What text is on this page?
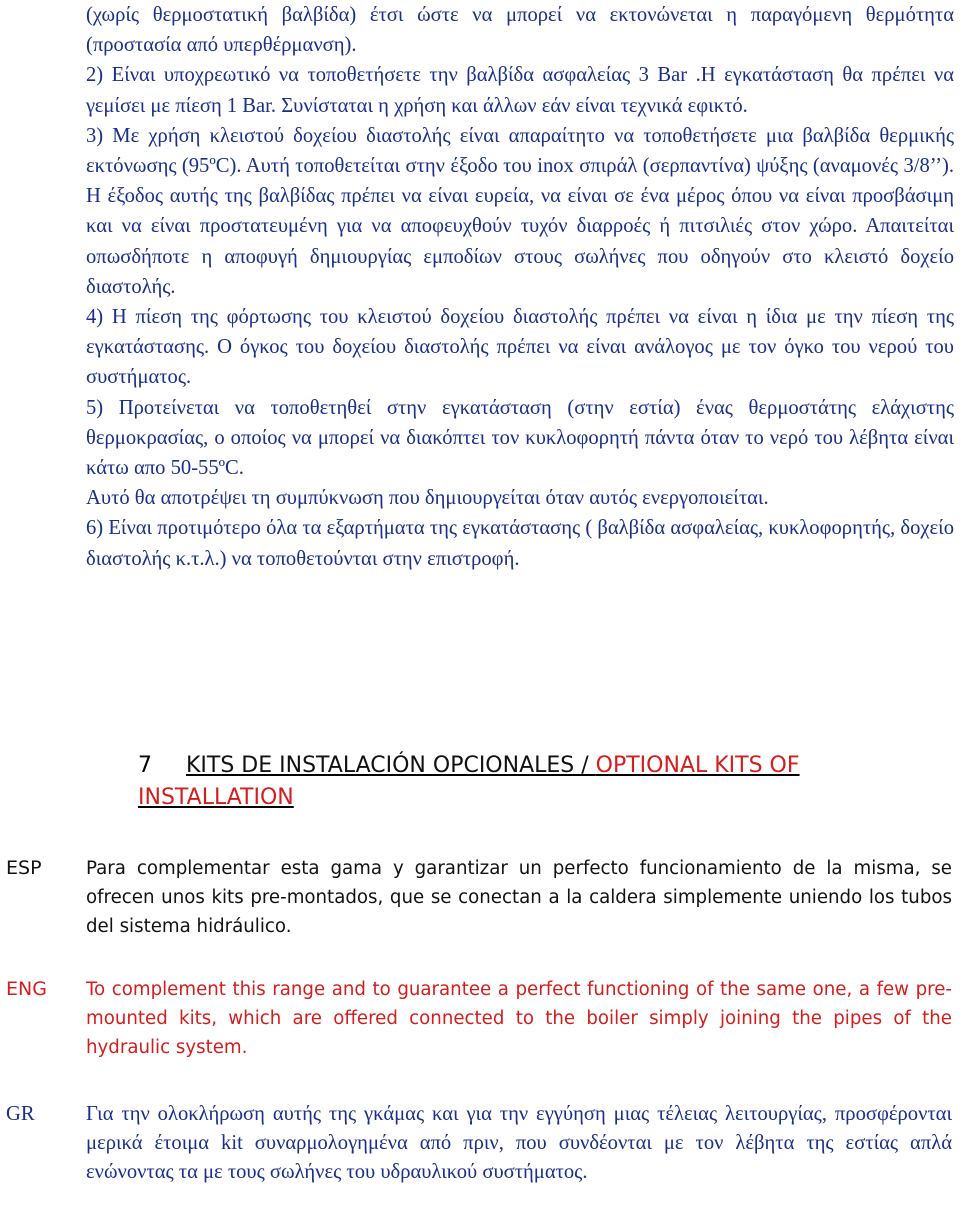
(χωρίς θερμοστατική βαλβίδα) έτσι ώστε να μπορεί να εκτονώνεται η παραγόμενη θερμότητα (προστασία από υπερθέρμανση).

2) Είναι υποχρεωτικό να τοποθετήσετε την βαλβίδα ασφαλείας 3 Bar .Η εγκατάσταση θα πρέπει να γεμίσει με πίεση 1 Bar. Συνίσταται η χρήση και άλλων εάν είναι τεχνικά εφικτό.

3) Με χρήση κλειστού δοχείου διαστολής είναι απαραίτητο να τοποθετήσετε μια βαλβίδα θερμικής εκτόνωσης (95ºC). Αυτή τοποθετείται στην έξοδο του inox σπιράλ (σερπαντίνα) ψύξης (αναμονές 3/8’’). Η έξοδος αυτής της βαλβίδας πρέπει να είναι ευρεία, να είναι σε ένα μέρος όπου να είναι προσβάσιμη και να είναι προστατευμένη για να αποφευχθούν τυχόν διαρροές ή πιτσιλιές στον χώρο. Απαιτείται οπωσδήποτε η αποφυγή δημιουργίας εμποδίων στους σωλήνες που οδηγούν στο κλειστό δοχείο διαστολής.

4) Η πίεση της φόρτωσης του κλειστού δοχείου διαστολής πρέπει να είναι η ίδια με την πίεση της εγκατάστασης. Ο όγκος του δοχείου διαστολής πρέπει να είναι ανάλογος με τον όγκο του νερού του συστήματος.

5) Προτείνεται να τοποθετηθεί στην εγκατάσταση (στην εστία) ένας θερμοστάτης ελάχιστης θερμοκρασίας, ο οποίος να μπορεί να διακόπτει τον κυκλοφορητή πάντα όταν το νερό του λέβητα είναι κάτω απο 50-55ºC.

Αυτό θα αποτρέψει τη συμπύκνωση που δημιουργείται όταν αυτός ενεργοποιείται.

6) Είναι προτιμότερο όλα τα εξαρτήματα της εγκατάστασης ( βαλβίδα ασφαλείας, κυκλοφορητής, δοχείο διαστολής κ.τ.λ.) να τοποθετούνται στην επιστροφή.

7 KITS DE INSTALACIÓN OPCIONALES / OPTIONAL KITS OF INSTALLATION
ESP Para complementar esta gama y garantizar un perfecto funcionamiento de la misma, se ofrecen unos kits pre-montados, que se conectan a la caldera simplemente uniendo los tubos del sistema hidráulico.

ENG To complement this range and to guarantee a perfect functioning of the same one, a few pre-mounted kits, which are offered connected to the boiler simply joining the pipes of the hydraulic system.

GR Για την ολοκλήρωση αυτής της γκάμας και για την εγγύηση μιας τέλειας λειτουργίας, προσφέρονται μερικά έτοιμα kit συναρμολογημένα από πριν, που συνδέονται με τον λέβητα της εστίας απλά ενώνοντας τα με τους σωλήνες του υδραυλικού συστήματος.
